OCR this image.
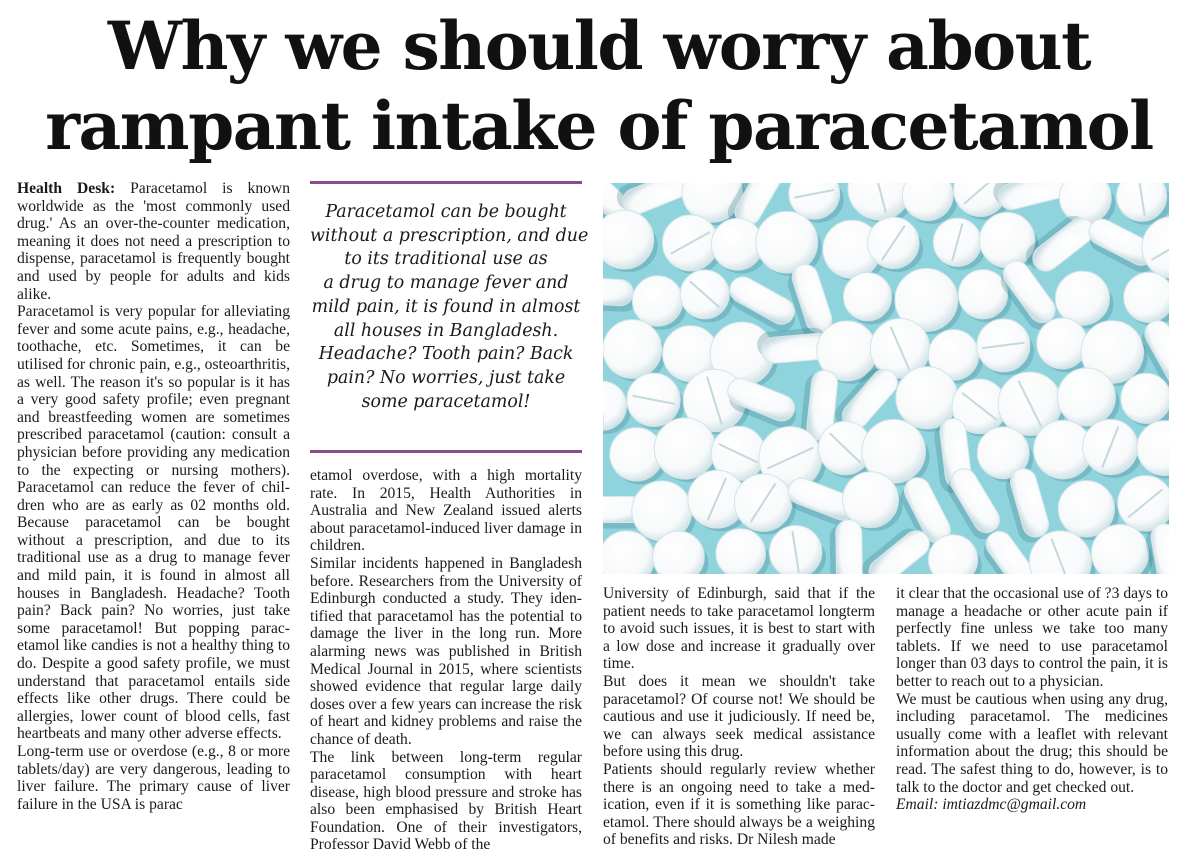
Why we should worry about
rampant intake of paracetamol

Health Desk: Paracetamol is known worldwide as the 'most commonly used drug.' As an over-the-counter medication, meaning it does not need a prescription to dispense, paracetamol is frequently bought and used by people for adults and kids alike.

Paracetamol is very popular for alleviating fever and some acute pains, e.g., headache, toothache, etc. Sometimes, it can be utilised for chronic pain, e.g., osteoarthritis, as well. The reason it's so popular is it has a very good safety profile; even pregnant and breastfeeding women are sometimes prescribed paracetamol (caution: consult a physician before providing any medication to the expecting or nursing mothers). Paracetamol can reduce the fever of children who are as early as 02 months old. Because paracetamol can be bought without a prescription, and due to its traditional use as a drug to manage fever and mild pain, it is found in almost all houses in Bangladesh. Headache? Tooth pain? Back pain? No worries, just take some paracetamol! But popping paracetamol like candies is not a healthy thing to do. Despite a good safety profile, we must understand that paracetamol entails side effects like other drugs. There could be allergies, lower count of blood cells, fast heartbeats and many other adverse effects.

Long-term use or overdose (e.g., 8 or more tablets/day) are very dangerous, leading to liver failure. The primary cause of liver failure in the USA is parac

Paracetamol can be bought
without a prescription, and due
to its traditional use as
a drug to manage fever and
mild pain, it is found in almost
all houses in Bangladesh.
Headache? Tooth pain? Back
pain? No worries, just take
some paracetamol!

etamol overdose, with a high mortality rate. In 2015, Health Authorities in Australia and New Zealand issued alerts about paracetamol-induced liver damage in children.

Similar incidents happened in Bangladesh before. Researchers from the University of Edinburgh conducted a study. They identified that paracetamol has the potential to damage the liver in the long run. More alarming news was published in British Medical Journal in 2015, where scientists showed evidence that regular large daily doses over a few years can increase the risk of heart and kidney problems and raise the chance of death.

The link between long-term regular paracetamol consumption with heart disease, high blood pressure and stroke has also been emphasised by British Heart Foundation. One of their investigators, Professor David Webb of the

University of Edinburgh, said that if the patient needs to take paracetamol longterm to avoid such issues, it is best to start with a low dose and increase it gradually over time.

But does it mean we shouldn't take paracetamol? Of course not! We should be cautious and use it judiciously. If need be, we can always seek medical assistance before using this drug.

Patients should regularly review whether there is an ongoing need to take a medication, even if it is something like paracetamol. There should always be a weighing of benefits and risks. Dr Nilesh made

it clear that the occasional use of ?3 days to manage a headache or other acute pain if perfectly fine unless we take too many tablets. If we need to use paracetamol longer than 03 days to control the pain, it is better to reach out to a physician.

We must be cautious when using any drug, including paracetamol. The medicines usually come with a leaflet with relevant information about the drug; this should be read. The safest thing to do, however, is to talk to the doctor and get checked out.

Email: imtiazdmc@gmail.com
